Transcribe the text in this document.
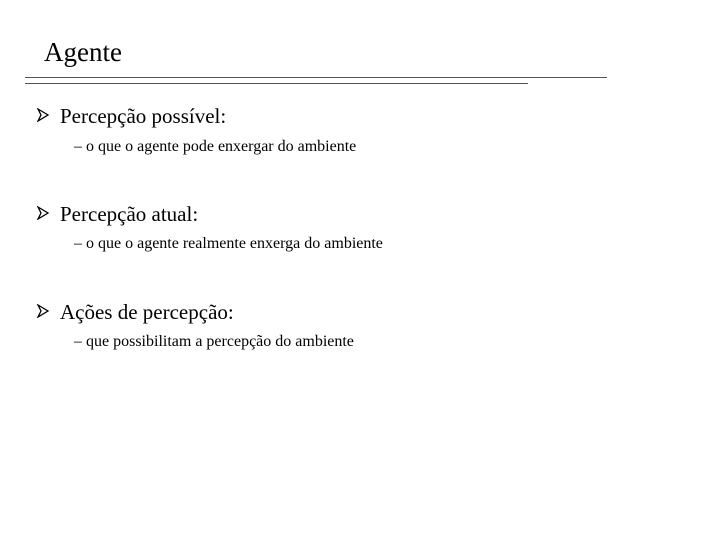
Agente
Percepção possível:
– o que o agente pode enxergar do ambiente
Percepção atual:
– o que o agente realmente enxerga do ambiente
Ações de percepção:
– que possibilitam a percepção do ambiente
